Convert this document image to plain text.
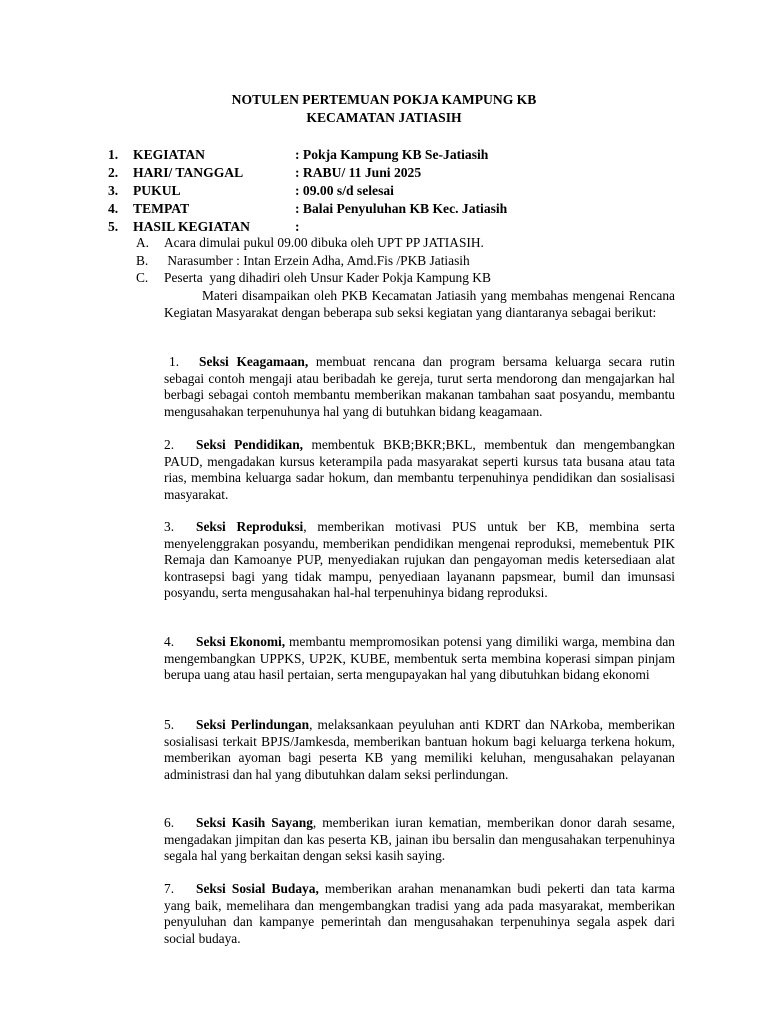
NOTULEN PERTEMUAN POKJA KAMPUNG KB
KECAMATAN JATIASIH
1. KEGIATAN	: Pokja Kampung KB Se-Jatiasih
2. HARI/ TANGGAL	: RABU/ 11 Juni 2025
3. PUKUL	: 09.00 s/d selesai
4. TEMPAT	: Balai Penyuluhan KB Kec. Jatiasih
5. HASIL KEGIATAN	:
A. Acara dimulai pukul 09.00 dibuka oleh UPT PP JATIASIH.
B. Narasumber : Intan Erzein Adha, Amd.Fis /PKB Jatiasih
C. Peserta  yang dihadiri oleh Unsur Kader Pokja Kampung KB

Materi disampaikan oleh PKB Kecamatan Jatiasih yang membahas mengenai Rencana Kegiatan Masyarakat dengan beberapa sub seksi kegiatan yang diantaranya sebagai berikut:

1. Seksi Keagamaan, membuat rencana dan program bersama keluarga secara rutin sebagai contoh mengaji atau beribadah ke gereja, turut serta mendorong dan mengajarkan hal berbagi sebagai contoh membantu memberikan makanan tambahan saat posyandu, membantu mengusahakan terpenuhunya hal yang di butuhkan bidang keagamaan.

2. Seksi Pendidikan, membentuk BKB;BKR;BKL, membentuk dan mengembangkan PAUD, mengadakan kursus keterampila pada masyarakat seperti kursus tata busana atau tata rias, membina keluarga sadar hokum, dan membantu terpenuhinya pendidikan dan sosialisasi masyarakat.

3. Seksi Reproduksi, memberikan motivasi PUS untuk ber KB, membina serta menyelenggrakan posyandu, memberikan pendidikan mengenai reproduksi, memebentuk PIK Remaja dan Kamoanye PUP, menyediakan rujukan dan pengayoman medis ketersediaan alat kontrasepsi bagi yang tidak mampu, penyediaan layanann papsmear, bumil dan imunsasi posyandu, serta mengusahakan hal-hal terpenuhinya bidang reproduksi.

4. Seksi Ekonomi, membantu mempromosikan potensi yang dimiliki warga, membina dan mengembangkan UPPKS, UP2K, KUBE, membentuk serta membina koperasi simpan pinjam berupa uang atau hasil pertaian, serta mengupayakan hal yang dibutuhkan bidang ekonomi

5. Seksi Perlindungan, melaksankaan peyuluhan anti KDRT dan NArkoba, memberikan sosialisasi terkait BPJS/Jamkesda, memberikan bantuan hokum bagi keluarga terkena hokum, memberikan ayoman bagi peserta KB yang memiliki keluhan, mengusahakan pelayanan administrasi dan hal yang dibutuhkan dalam seksi perlindungan.

6. Seksi Kasih Sayang, memberikan iuran kematian, memberikan donor darah sesame, mengadakan jimpitan dan kas peserta KB, jainan ibu bersalin dan mengusahakan terpenuhinya segala hal yang berkaitan dengan seksi kasih saying.

7. Seksi Sosial Budaya, memberikan arahan menanamkan budi pekerti dan tata karma yang baik, memelihara dan mengembangkan tradisi yang ada pada masyarakat, memberikan penyuluhan dan kampanye pemerintah dan mengusahakan terpenuhinya segala aspek dari social budaya.
